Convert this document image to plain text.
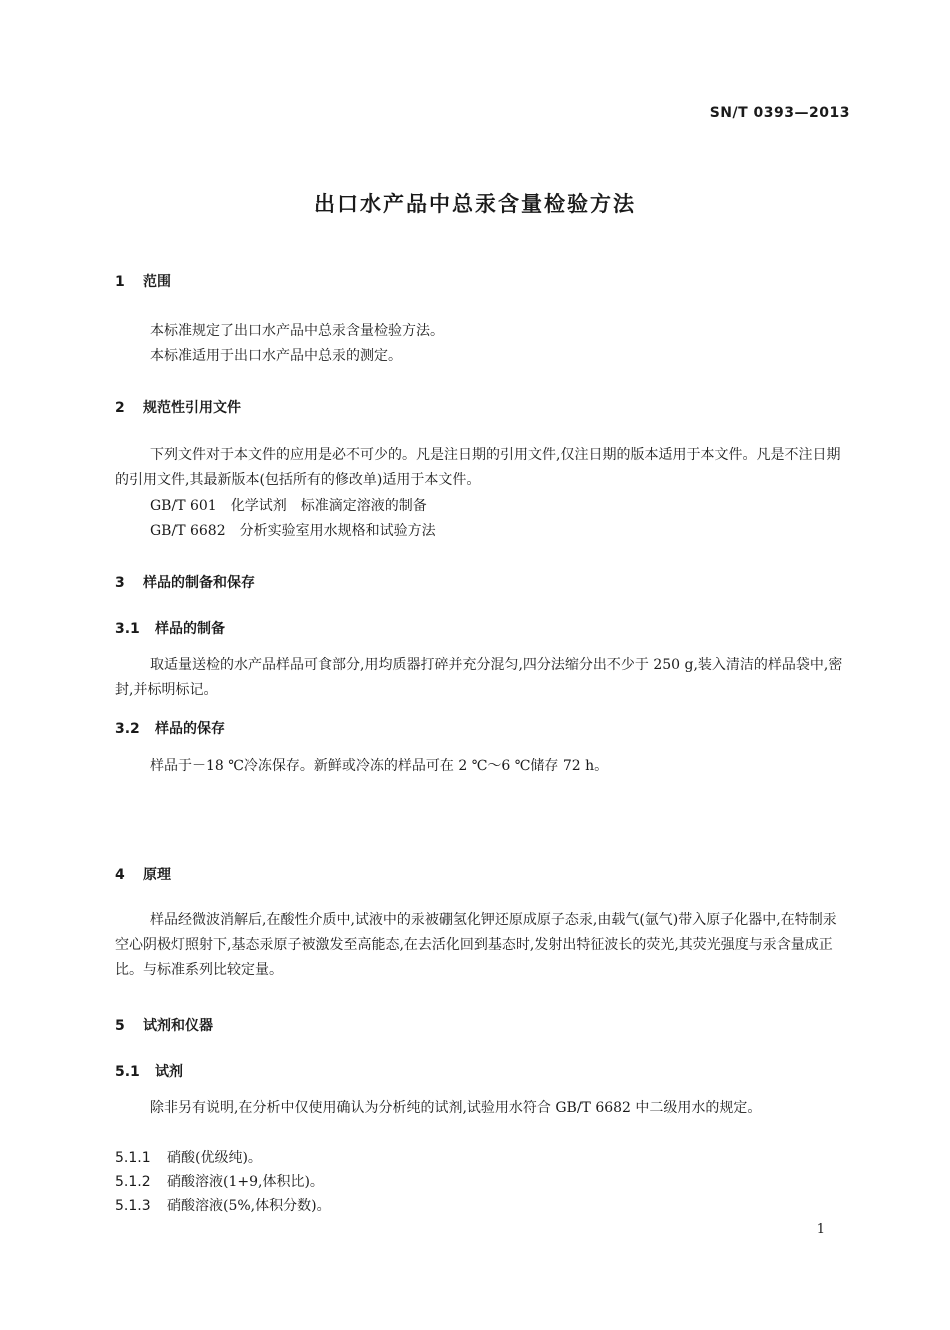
SN/T 0393—2013
出口水产品中总汞含量检验方法
1 范围
本标准规定了出口水产品中总汞含量检验方法。
本标准适用于出口水产品中总汞的测定。
2 规范性引用文件
下列文件对于本文件的应用是必不可少的。凡是注日期的引用文件,仅注日期的版本适用于本文件。凡是不注日期的引用文件,其最新版本(包括所有的修改单)适用于本文件。
GB/T 601　化学试剂　标准滴定溶液的制备
GB/T 6682　分析实验室用水规格和试验方法
3 样品的制备和保存
3.1 样品的制备
取适量送检的水产品样品可食部分,用均质器打碎并充分混匀,四分法缩分出不少于 250 g,装入清洁的样品袋中,密封,并标明标记。
3.2 样品的保存
样品于－18 ℃冷冻保存。新鲜或冷冻的样品可在 2 ℃～6 ℃储存 72 h。
4 原理
样品经微波消解后,在酸性介质中,试液中的汞被硼氢化钾还原成原子态汞,由载气(氩气)带入原子化器中,在特制汞空心阴极灯照射下,基态汞原子被激发至高能态,在去活化回到基态时,发射出特征波长的荧光,其荧光强度与汞含量成正比。与标准系列比较定量。
5 试剂和仪器
5.1 试剂
除非另有说明,在分析中仅使用确认为分析纯的试剂,试验用水符合 GB/T 6682 中二级用水的规定。
5.1.1 硝酸(优级纯)。
5.1.2 硝酸溶液(1+9,体积比)。
5.1.3 硝酸溶液(5%,体积分数)。
1
